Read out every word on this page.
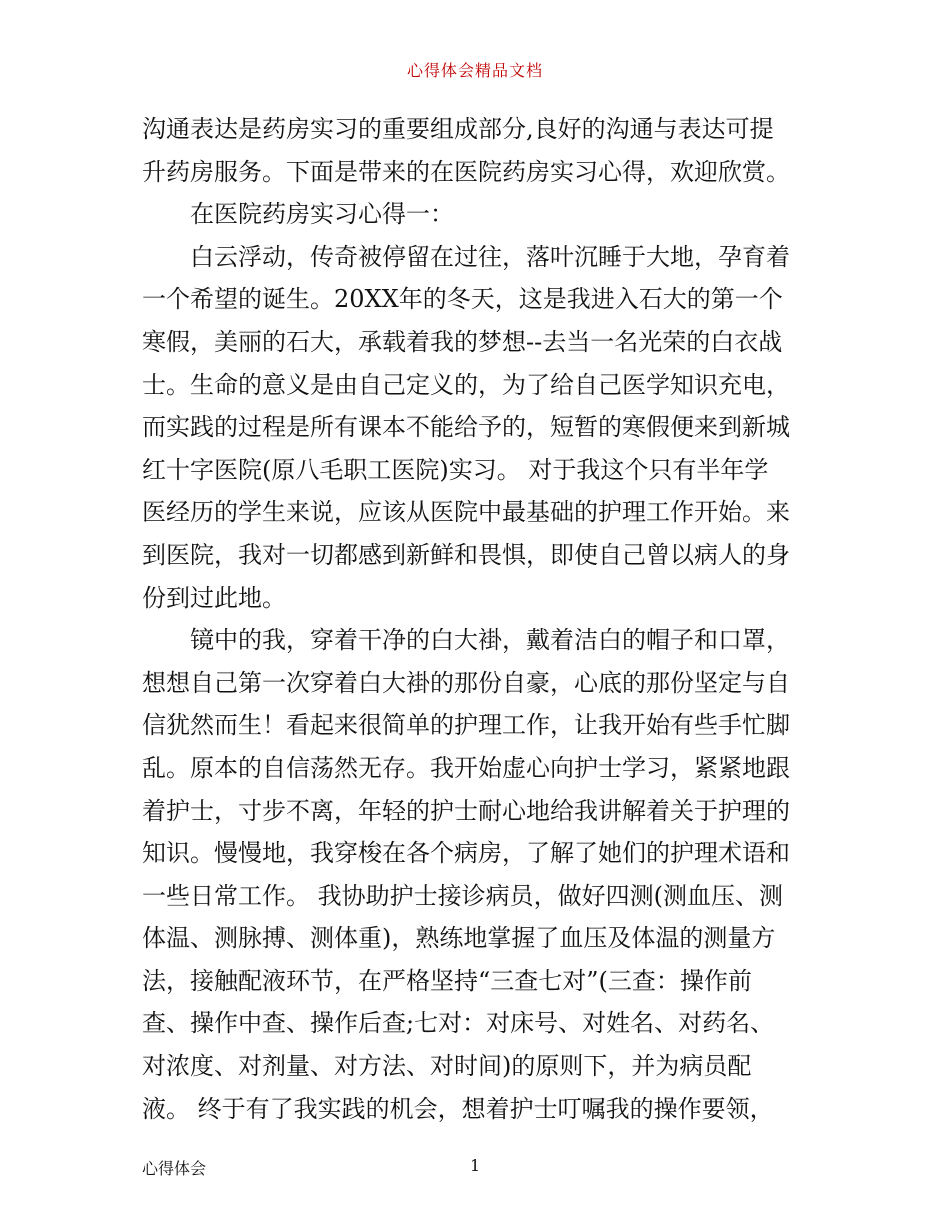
心得体会精品文档
沟通表达是药房实习的重要组成部分,良好的沟通与表达可提
升药房服务。下面是带来的在医院药房实习心得，欢迎欣赏。
在医院药房实习心得一：
白云浮动，传奇被停留在过往，落叶沉睡于大地，孕育着
一个希望的诞生。20XX年的冬天，这是我进入石大的第一个
寒假，美丽的石大，承载着我的梦想--去当一名光荣的白衣战
士。生命的意义是由自己定义的，为了给自己医学知识充电，
而实践的过程是所有课本不能给予的，短暂的寒假便来到新城
红十字医院(原八毛职工医院)实习。 对于我这个只有半年学
医经历的学生来说，应该从医院中最基础的护理工作开始。来
到医院，我对一切都感到新鲜和畏惧，即使自己曾以病人的身
份到过此地。
镜中的我，穿着干净的白大褂，戴着洁白的帽子和口罩，
想想自己第一次穿着白大褂的那份自豪，心底的那份坚定与自
信犹然而生！看起来很简单的护理工作，让我开始有些手忙脚
乱。原本的自信荡然无存。我开始虚心向护士学习，紧紧地跟
着护士，寸步不离，年轻的护士耐心地给我讲解着关于护理的
知识。慢慢地，我穿梭在各个病房，了解了她们的护理术语和
一些日常工作。 我协助护士接诊病员，做好四测(测血压、测
体温、测脉搏、测体重)，熟练地掌握了血压及体温的测量方
法，接触配液环节，在严格坚持“三查七对”(三查：操作前
查、操作中查、操作后查;七对：对床号、对姓名、对药名、
对浓度、对剂量、对方法、对时间)的原则下，并为病员配
液。 终于有了我实践的机会，想着护士叮嘱我的操作要领，
心得体会	1
